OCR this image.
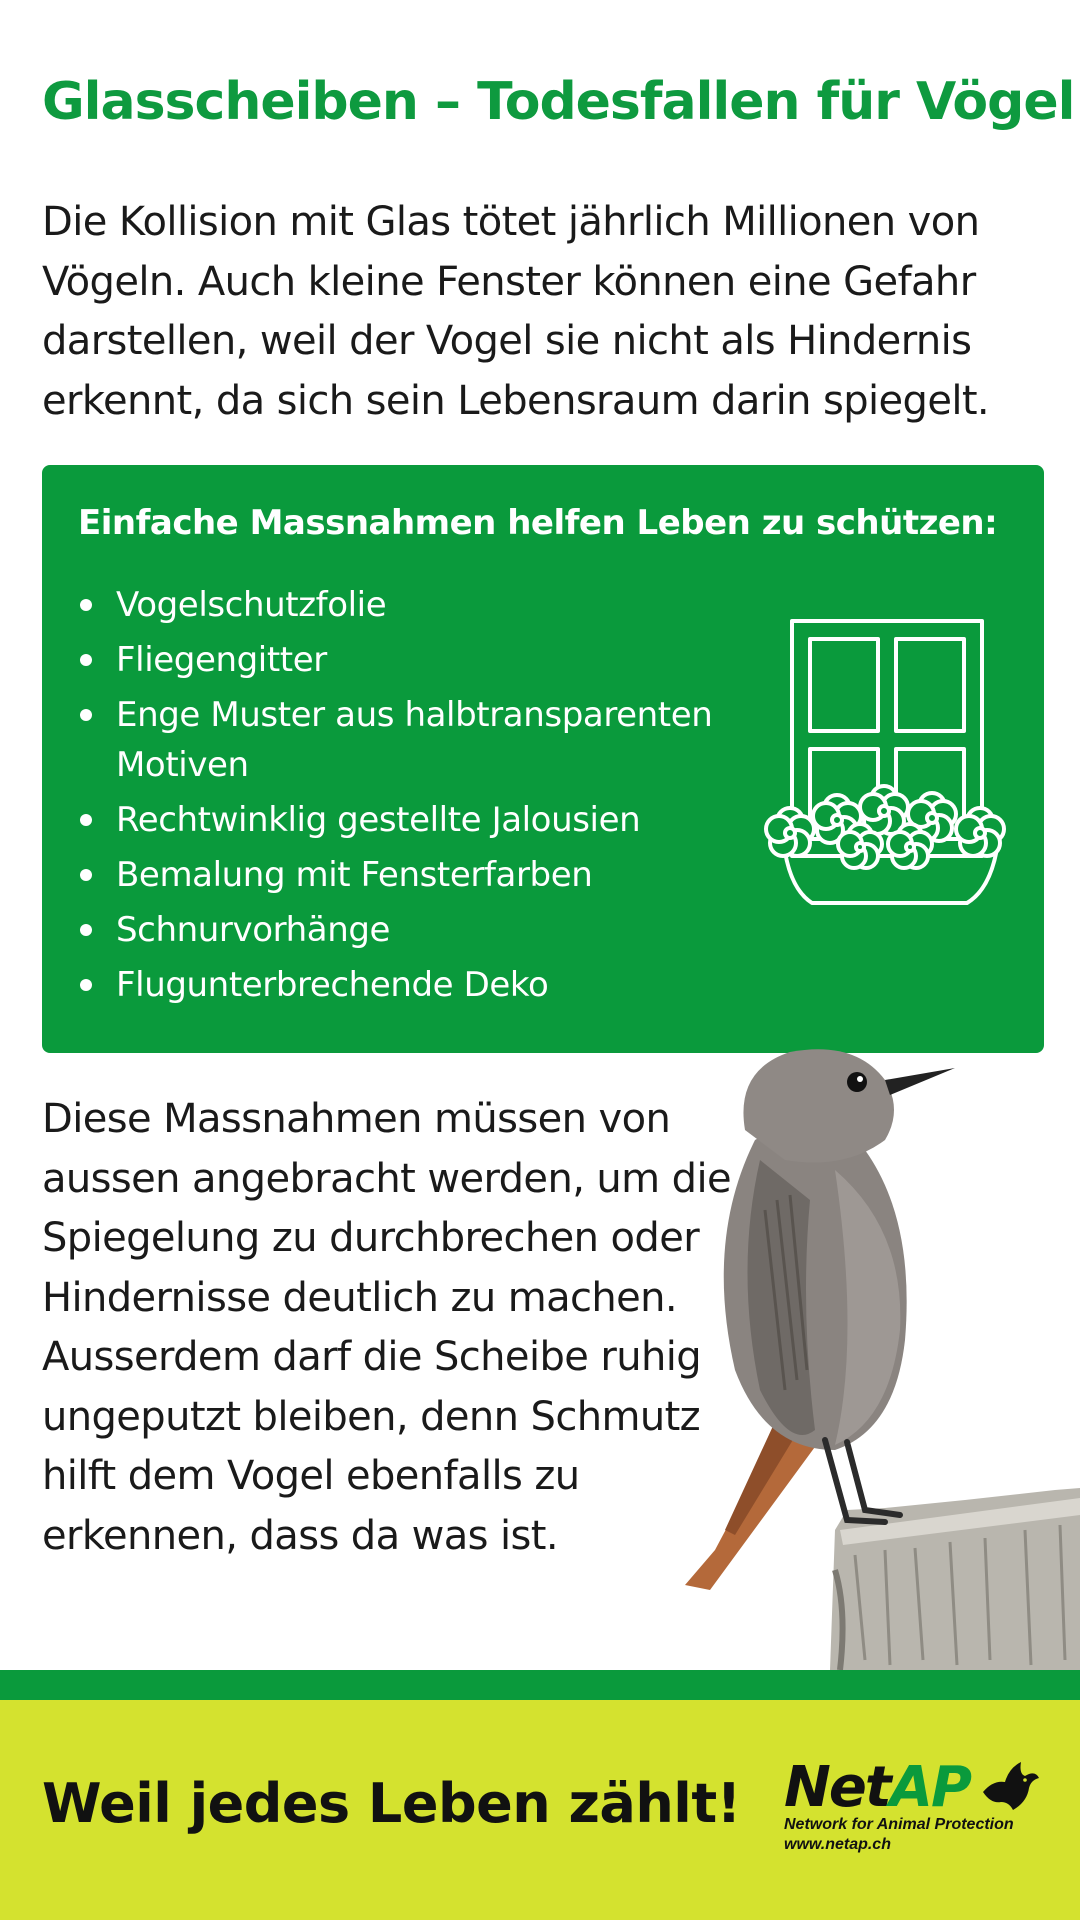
Glasscheiben – Todesfallen für Vögel

Die Kollision mit Glas tötet jährlich Millionen von Vögeln. Auch kleine Fenster können eine Gefahr darstellen, weil der Vogel sie nicht als Hindernis erkennt, da sich sein Lebensraum darin spiegelt.

Einfache Massnahmen helfen Leben zu schützen:
Vogelschutzfolie
Fliegengitter
Enge Muster aus halbtransparenten Motiven
Rechtwinklig gestellte Jalousien
Bemalung mit Fensterfarben
Schnurvorhänge
Flugunterbrechende Deko

Diese Massnahmen müssen von aussen angebracht werden, um die Spiegelung zu durchbrechen oder Hindernisse deutlich zu machen. Ausserdem darf die Scheibe ruhig ungeputzt bleiben, denn Schmutz hilft dem Vogel ebenfalls zu erkennen, dass da was ist.

Weil jedes Leben zählt! NetAP
Network for Animal Protection
www.netap.ch
